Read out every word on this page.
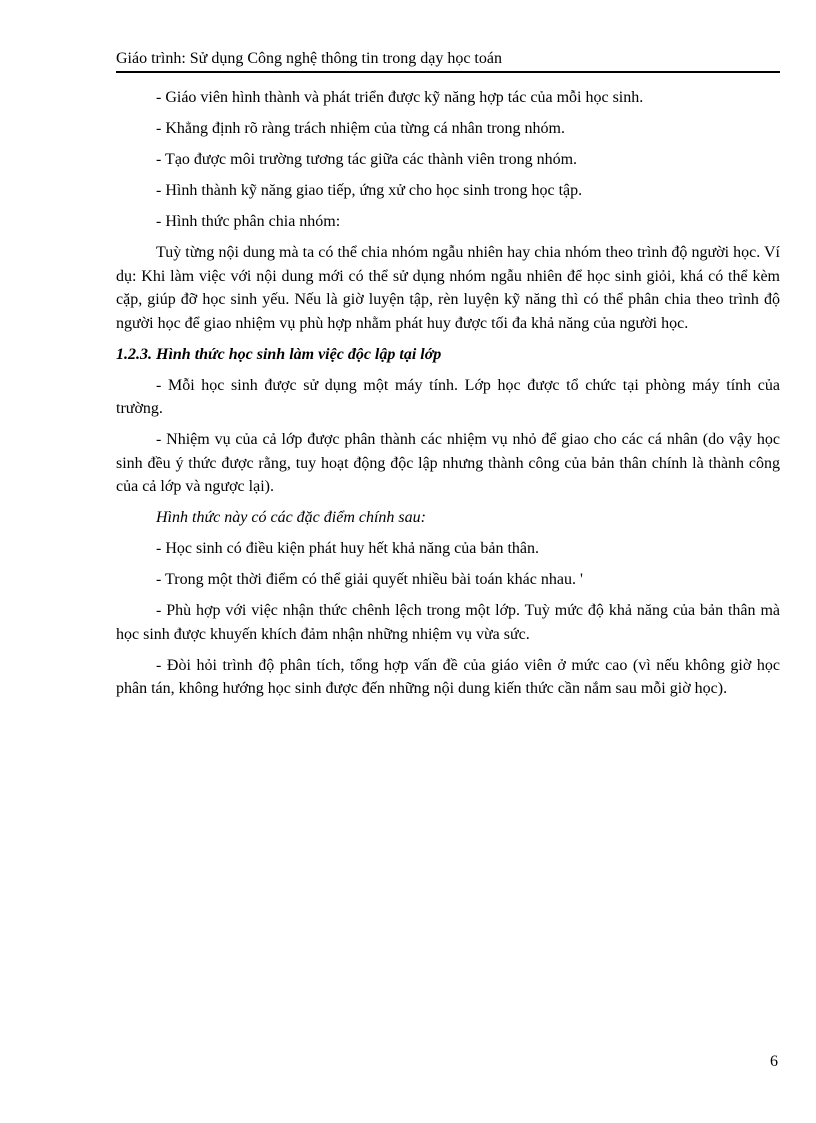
Giáo trình: Sử dụng Công nghệ thông tin trong dạy học toán

- Giáo viên hình thành và phát triển được kỹ năng hợp tác của mỗi học sinh.

- Khẳng định rõ ràng trách nhiệm của từng cá nhân trong nhóm.

- Tạo được môi trường tương tác giữa các thành viên trong nhóm.

- Hình thành kỹ năng giao tiếp, ứng xử cho học sinh trong học tập.

- Hình thức phân chia nhóm:

Tuỳ từng nội dung mà ta có thể chia nhóm ngẫu nhiên hay chia nhóm theo trình độ người học. Ví dụ: Khi làm việc với nội dung mới có thể sử dụng nhóm ngẫu nhiên để học sinh giỏi, khá có thể kèm cặp, giúp đỡ học sinh yếu. Nếu là giờ luyện tập, rèn luyện kỹ năng thì có thể phân chia theo trình độ người học để giao nhiệm vụ phù hợp nhằm phát huy được tối đa khả năng của người học.

1.2.3. Hình thức học sinh làm việc độc lập tại lớp

- Mỗi học sinh được sử dụng một máy tính. Lớp học được tổ chức tại phòng máy tính của trường.

- Nhiệm vụ của cả lớp được phân thành các nhiệm vụ nhỏ để giao cho các cá nhân (do vậy học sinh đều ý thức được rằng, tuy hoạt động độc lập nhưng thành công của bản thân chính là thành công của cả lớp và ngược lại).

Hình thức này có các đặc điểm chính sau:

- Học sinh có điều kiện phát huy hết khả năng của bản thân.

- Trong một thời điểm có thể giải quyết nhiều bài toán khác nhau. '

- Phù hợp với việc nhận thức chênh lệch trong một lớp. Tuỳ mức độ khả năng của bản thân mà học sinh được khuyến khích đảm nhận những nhiệm vụ vừa sức.

- Đòi hỏi trình độ phân tích, tổng hợp vấn đề của giáo viên ở mức cao (vì nếu không giờ học phân tán, không hướng học sinh được đến những nội dung kiến thức cần nắm sau mỗi giờ học).

6
